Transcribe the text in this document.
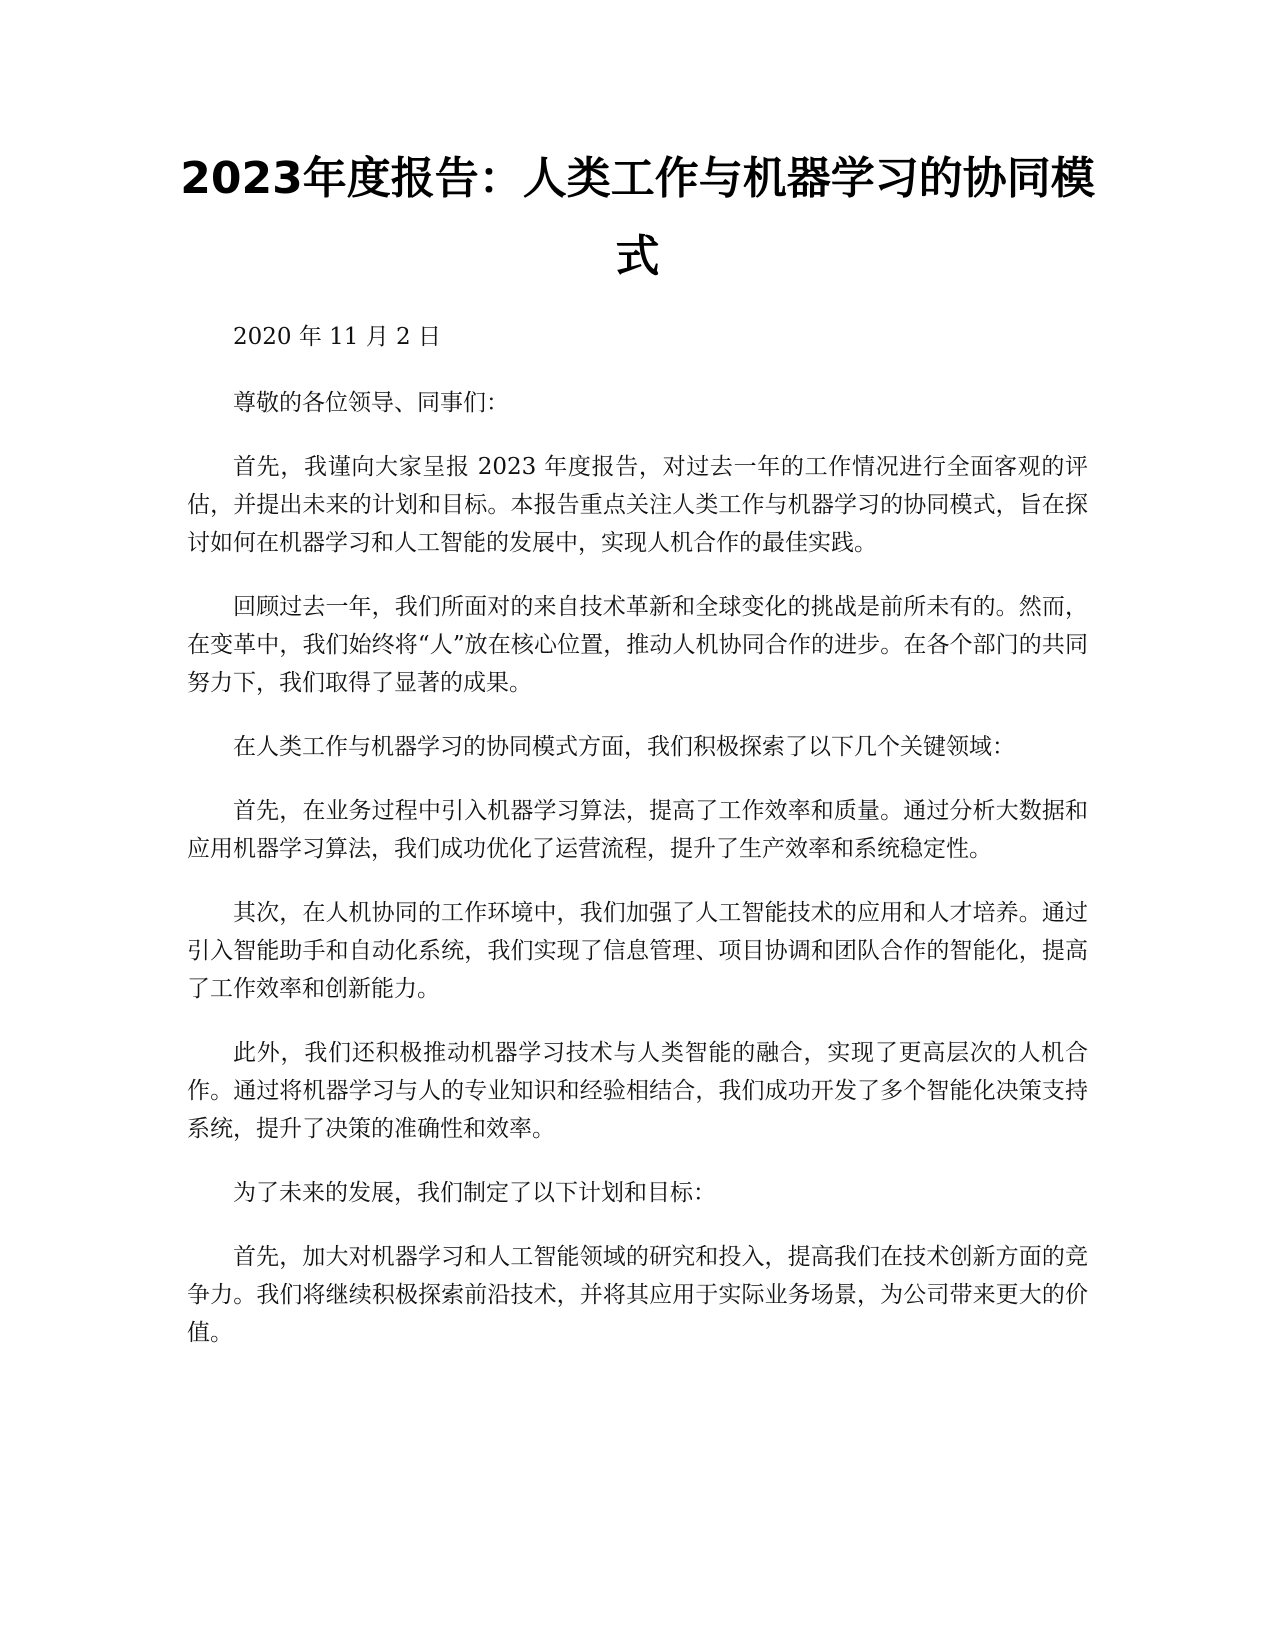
2023年度报告：人类工作与机器学习的协同模式

2020 年 11 月 2 日

尊敬的各位领导、同事们：

首先，我谨向大家呈报 2023 年度报告，对过去一年的工作情况进行全面客观的评估，并提出未来的计划和目标。本报告重点关注人类工作与机器学习的协同模式，旨在探讨如何在机器学习和人工智能的发展中，实现人机合作的最佳实践。

回顾过去一年，我们所面对的来自技术革新和全球变化的挑战是前所未有的。然而，在变革中，我们始终将“人”放在核心位置，推动人机协同合作的进步。在各个部门的共同努力下，我们取得了显著的成果。

在人类工作与机器学习的协同模式方面，我们积极探索了以下几个关键领域：

首先，在业务过程中引入机器学习算法，提高了工作效率和质量。通过分析大数据和应用机器学习算法，我们成功优化了运营流程，提升了生产效率和系统稳定性。

其次，在人机协同的工作环境中，我们加强了人工智能技术的应用和人才培养。通过引入智能助手和自动化系统，我们实现了信息管理、项目协调和团队合作的智能化，提高了工作效率和创新能力。

此外，我们还积极推动机器学习技术与人类智能的融合，实现了更高层次的人机合作。通过将机器学习与人的专业知识和经验相结合，我们成功开发了多个智能化决策支持系统，提升了决策的准确性和效率。

为了未来的发展，我们制定了以下计划和目标：

首先，加大对机器学习和人工智能领域的研究和投入，提高我们在技术创新方面的竞争力。我们将继续积极探索前沿技术，并将其应用于实际业务场景，为公司带来更大的价值。
